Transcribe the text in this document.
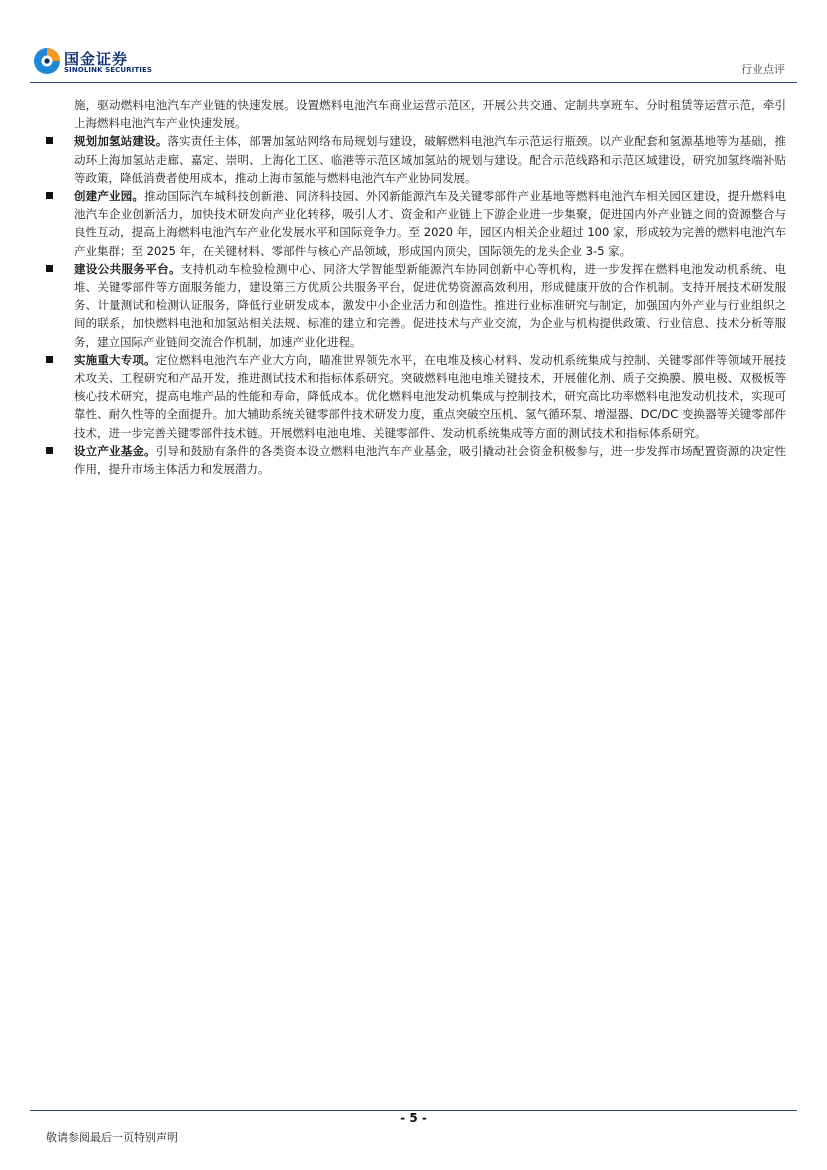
国金证券
SINOLINK SECURITIES	行业点评

施，驱动燃料电池汽车产业链的快速发展。设置燃料电池汽车商业运营示范区，开展公共交通、定制共享班车、分时租赁等运营示范，牵引上海燃料电池汽车产业快速发展。

规划加氢站建设。落实责任主体，部署加氢站网络布局规划与建设，破解燃料电池汽车示范运行瓶颈。以产业配套和氢源基地等为基础，推动环上海加氢站走廊、嘉定、崇明、上海化工区、临港等示范区域加氢站的规划与建设。配合示范线路和示范区域建设，研究加氢终端补贴等政策，降低消费者使用成本，推动上海市氢能与燃料电池汽车产业协同发展。
创建产业园。推动国际汽车城科技创新港、同济科技园、外冈新能源汽车及关键零部件产业基地等燃料电池汽车相关园区建设，提升燃料电池汽车企业创新活力，加快技术研发向产业化转移，吸引人才、资金和产业链上下游企业进一步集聚，促进国内外产业链之间的资源整合与良性互动，提高上海燃料电池汽车产业化发展水平和国际竞争力。至 2020 年，园区内相关企业超过 100 家，形成较为完善的燃料电池汽车产业集群；至 2025 年，在关键材料、零部件与核心产品领域，形成国内顶尖，国际领先的龙头企业 3-5 家。
建设公共服务平台。支持机动车检验检测中心、同济大学智能型新能源汽车协同创新中心等机构，进一步发挥在燃料电池发动机系统、电堆、关键零部件等方面服务能力，建设第三方优质公共服务平台，促进优势资源高效利用，形成健康开放的合作机制。支持开展技术研发服务、计量测试和检测认证服务，降低行业研发成本，激发中小企业活力和创造性。推进行业标准研究与制定，加强国内外产业与行业组织之间的联系，加快燃料电池和加氢站相关法规、标准的建立和完善。促进技术与产业交流，为企业与机构提供政策、行业信息、技术分析等服务，建立国际产业链间交流合作机制，加速产业化进程。
实施重大专项。定位燃料电池汽车产业大方向，瞄准世界领先水平，在电堆及核心材料、发动机系统集成与控制、关键零部件等领域开展技术攻关、工程研究和产品开发，推进测试技术和指标体系研究。突破燃料电池电堆关键技术，开展催化剂、质子交换膜、膜电极、双极板等核心技术研究，提高电堆产品的性能和寿命，降低成本。优化燃料电池发动机集成与控制技术，研究高比功率燃料电池发动机技术，实现可靠性、耐久性等的全面提升。加大辅助系统关键零部件技术研发力度，重点突破空压机、氢气循环泵、增湿器、DC/DC 变换器等关键零部件技术，进一步完善关键零部件技术链。开展燃料电池电堆、关键零部件、发动机系统集成等方面的测试技术和指标体系研究。
设立产业基金。引导和鼓励有条件的各类资本设立燃料电池汽车产业基金，吸引撬动社会资金积极参与，进一步发挥市场配置资源的决定性作用，提升市场主体活力和发展潜力。
- 5 -
敬请参阅最后一页特别声明
